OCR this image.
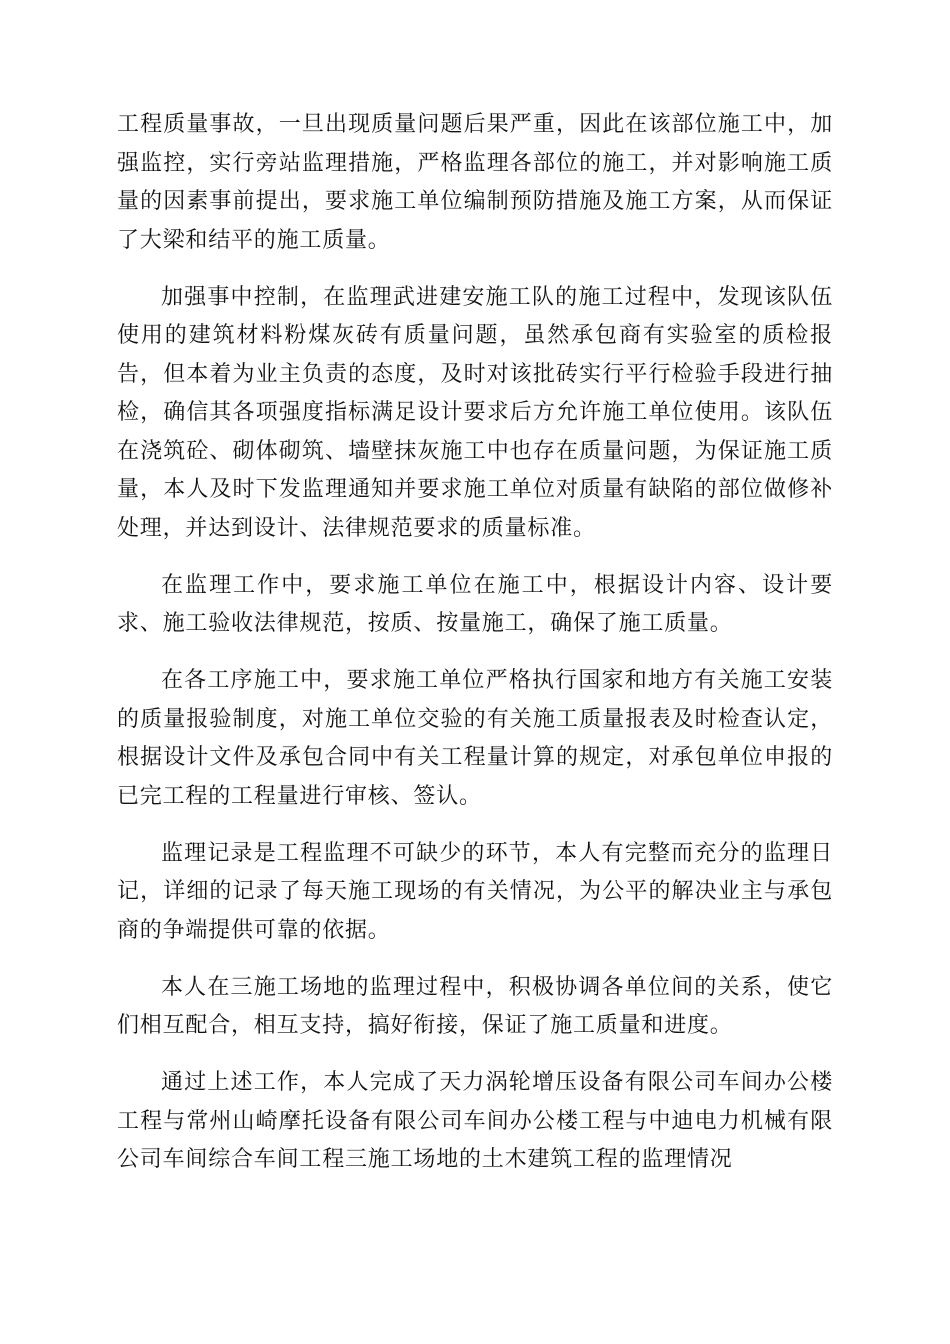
工程质量事故，一旦出现质量问题后果严重，因此在该部位施工中，加强监控，实行旁站监理措施，严格监理各部位的施工，并对影响施工质量的因素事前提出，要求施工单位编制预防措施及施工方案，从而保证了大梁和结平的施工质量。

加强事中控制，在监理武进建安施工队的施工过程中，发现该队伍使用的建筑材料粉煤灰砖有质量问题，虽然承包商有实验室的质检报告，但本着为业主负责的态度，及时对该批砖实行平行检验手段进行抽检，确信其各项强度指标满足设计要求后方允许施工单位使用。该队伍在浇筑砼、砌体砌筑、墙壁抹灰施工中也存在质量问题，为保证施工质量，本人及时下发监理通知并要求施工单位对质量有缺陷的部位做修补处理，并达到设计、法律规范要求的质量标准。

在监理工作中，要求施工单位在施工中，根据设计内容、设计要求、施工验收法律规范，按质、按量施工，确保了施工质量。

在各工序施工中，要求施工单位严格执行国家和地方有关施工安装的质量报验制度，对施工单位交验的有关施工质量报表及时检查认定，根据设计文件及承包合同中有关工程量计算的规定，对承包单位申报的已完工程的工程量进行审核、签认。

监理记录是工程监理不可缺少的环节，本人有完整而充分的监理日记，详细的记录了每天施工现场的有关情况，为公平的解决业主与承包商的争端提供可靠的依据。

本人在三施工场地的监理过程中，积极协调各单位间的关系，使它们相互配合，相互支持，搞好衔接，保证了施工质量和进度。

通过上述工作，本人完成了天力涡轮增压设备有限公司车间办公楼工程与常州山崎摩托设备有限公司车间办公楼工程与中迪电力机械有限公司车间综合车间工程三施工场地的土木建筑工程的监理情况
